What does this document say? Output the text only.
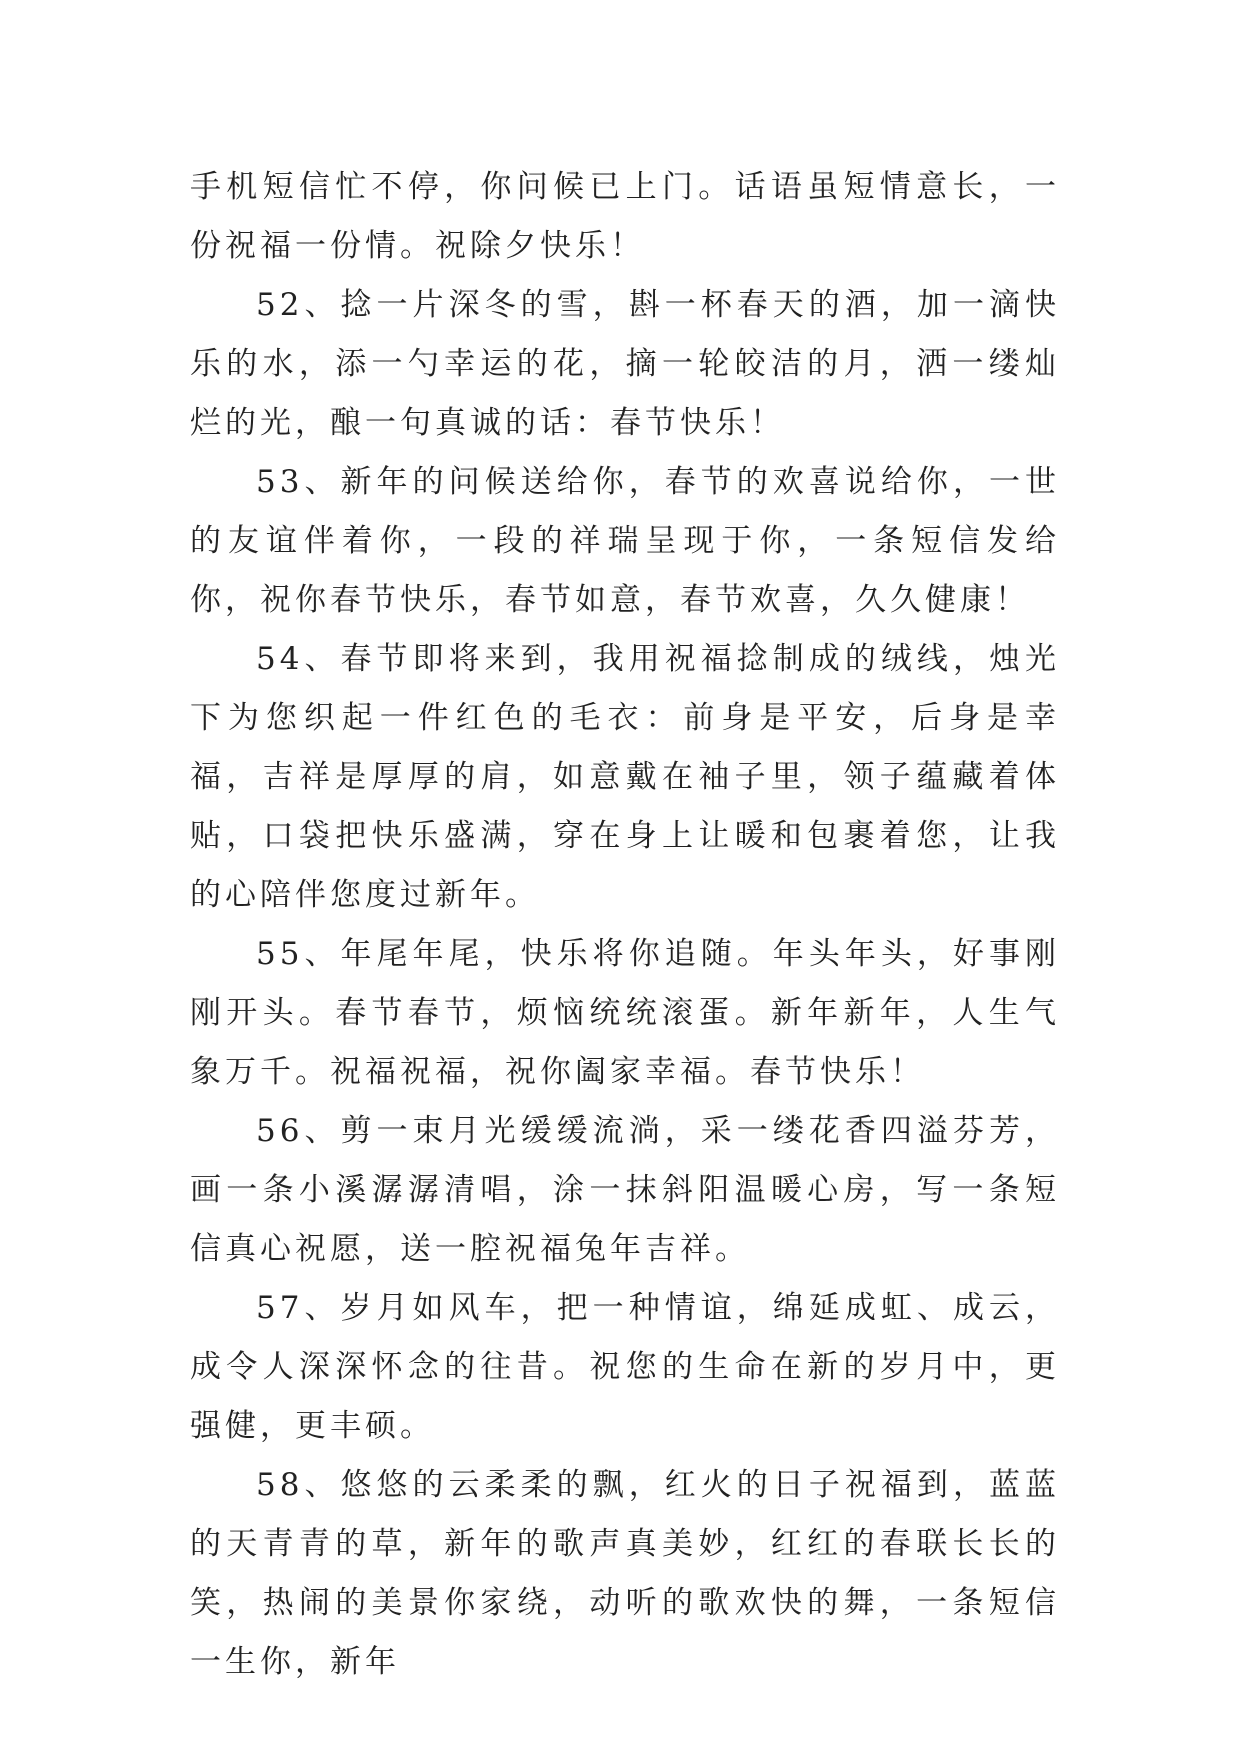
手机短信忙不停，你问候已上门。话语虽短情意长，一份祝福一份情。祝除夕快乐！

52、捻一片深冬的雪，斟一杯春天的酒，加一滴快乐的水，添一勺幸运的花，摘一轮皎洁的月，洒一缕灿烂的光，酿一句真诚的话：春节快乐！

53、新年的问候送给你，春节的欢喜说给你，一世的友谊伴着你，一段的祥瑞呈现于你，一条短信发给你，祝你春节快乐，春节如意，春节欢喜，久久健康！

54、春节即将来到，我用祝福捻制成的绒线，烛光下为您织起一件红色的毛衣：前身是平安，后身是幸福，吉祥是厚厚的肩，如意戴在袖子里，领子蕴藏着体贴，口袋把快乐盛满，穿在身上让暖和包裹着您，让我的心陪伴您度过新年。

55、年尾年尾，快乐将你追随。年头年头，好事刚刚开头。春节春节，烦恼统统滚蛋。新年新年，人生气象万千。祝福祝福，祝你阖家幸福。春节快乐！

56、剪一束月光缓缓流淌，采一缕花香四溢芬芳，画一条小溪潺潺清唱，涂一抹斜阳温暖心房，写一条短信真心祝愿，送一腔祝福兔年吉祥。

57、岁月如风车，把一种情谊，绵延成虹、成云，成令人深深怀念的往昔。祝您的生命在新的岁月中，更强健，更丰硕。

58、悠悠的云柔柔的飘，红火的日子祝福到，蓝蓝的天青青的草，新年的歌声真美妙，红红的春联长长的笑，热闹的美景你家绕，动听的歌欢快的舞，一条短信一生你，新年
